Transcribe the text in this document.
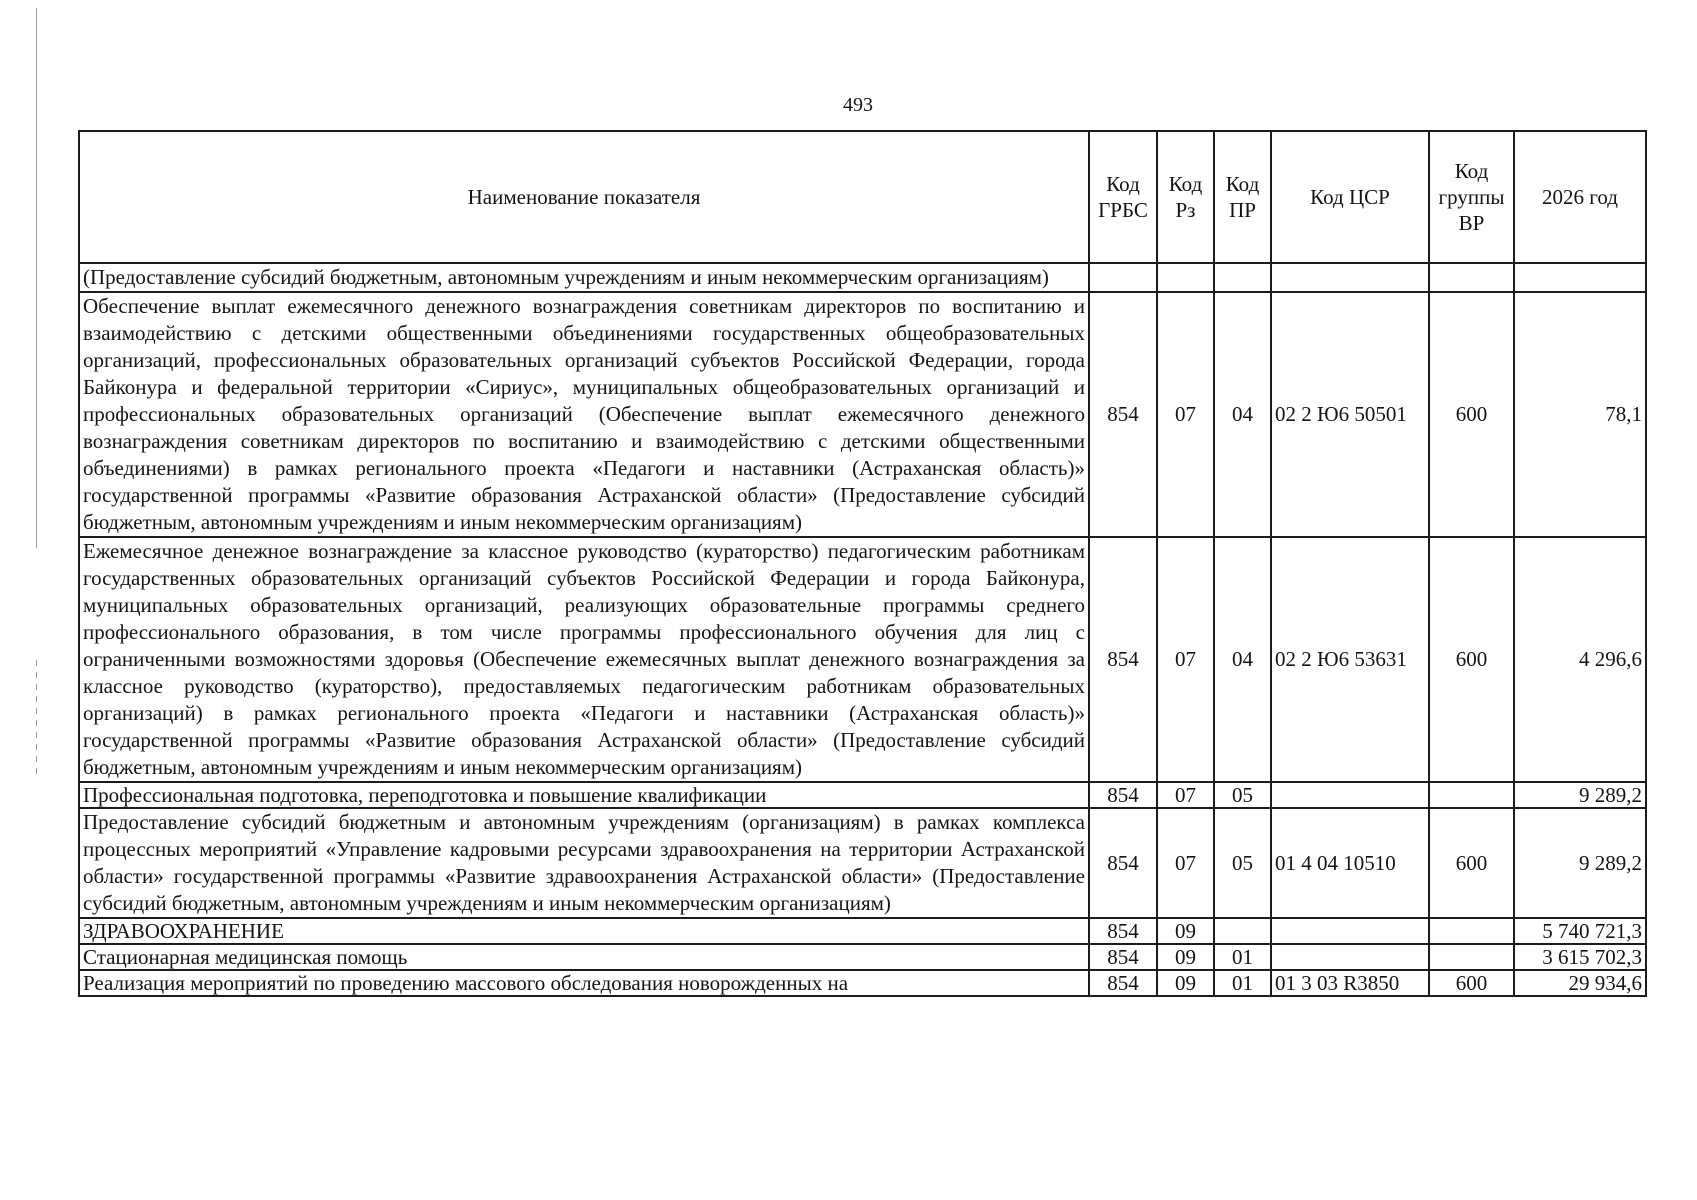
493
Наименование показателя	Код ГРБС	Код Рз	Код ПР	Код ЦСР	Код группы ВР	2026 год
(Предоставление субсидий бюджетным, автономным учреждениям и иным некоммерческим организациям)						
Обеспечение выплат ежемесячного денежного вознаграждения советникам директоров по воспитанию и взаимодействию с детскими общественными объединениями государственных общеобразовательных организаций, профессиональных образовательных организаций субъектов Российской Федерации, города Байконура и федеральной территории «Сириус», муниципальных общеобразовательных организаций и профессиональных образовательных организаций (Обеспечение выплат ежемесячного денежного вознаграждения советникам директоров по воспитанию и взаимодействию с детскими общественными объединениями) в рамках регионального проекта «Педагоги и наставники (Астраханская область)» государственной программы «Развитие образования Астраханской области» (Предоставление субсидий бюджетным, автономным учреждениям и иным некоммерческим организациям)	854	07	04	02 2 Ю6 50501	600	78,1
Ежемесячное денежное вознаграждение за классное руководство (кураторство) педагогическим работникам государственных образовательных организаций субъектов Российской Федерации и города Байконура, муниципальных образовательных организаций, реализующих образовательные программы среднего профессионального образования, в том числе программы профессионального обучения для лиц с ограниченными возможностями здоровья (Обеспечение ежемесячных выплат денежного вознаграждения за классное руководство (кураторство), предоставляемых педагогическим работникам образовательных организаций) в рамках регионального проекта «Педагоги и наставники (Астраханская область)» государственной программы «Развитие образования Астраханской области» (Предоставление субсидий бюджетным, автономным учреждениям и иным некоммерческим организациям)	854	07	04	02 2 Ю6 53631	600	4 296,6
Профессиональная подготовка, переподготовка и повышение квалификации	854	07	05			9 289,2
Предоставление субсидий бюджетным и автономным учреждениям (организациям) в рамках комплекса процессных мероприятий «Управление кадровыми ресурсами здравоохранения на территории Астраханской области» государственной программы «Развитие здравоохранения Астраханской области» (Предоставление субсидий бюджетным, автономным учреждениям и иным некоммерческим организациям)	854	07	05	01 4 04 10510	600	9 289,2
ЗДРАВООХРАНЕНИЕ	854	09				5 740 721,3
Стационарная медицинская помощь	854	09	01			3 615 702,3
Реализация мероприятий по проведению массового обследования новорожденных на	854	09	01	01 3 03 R3850	600	29 934,6
